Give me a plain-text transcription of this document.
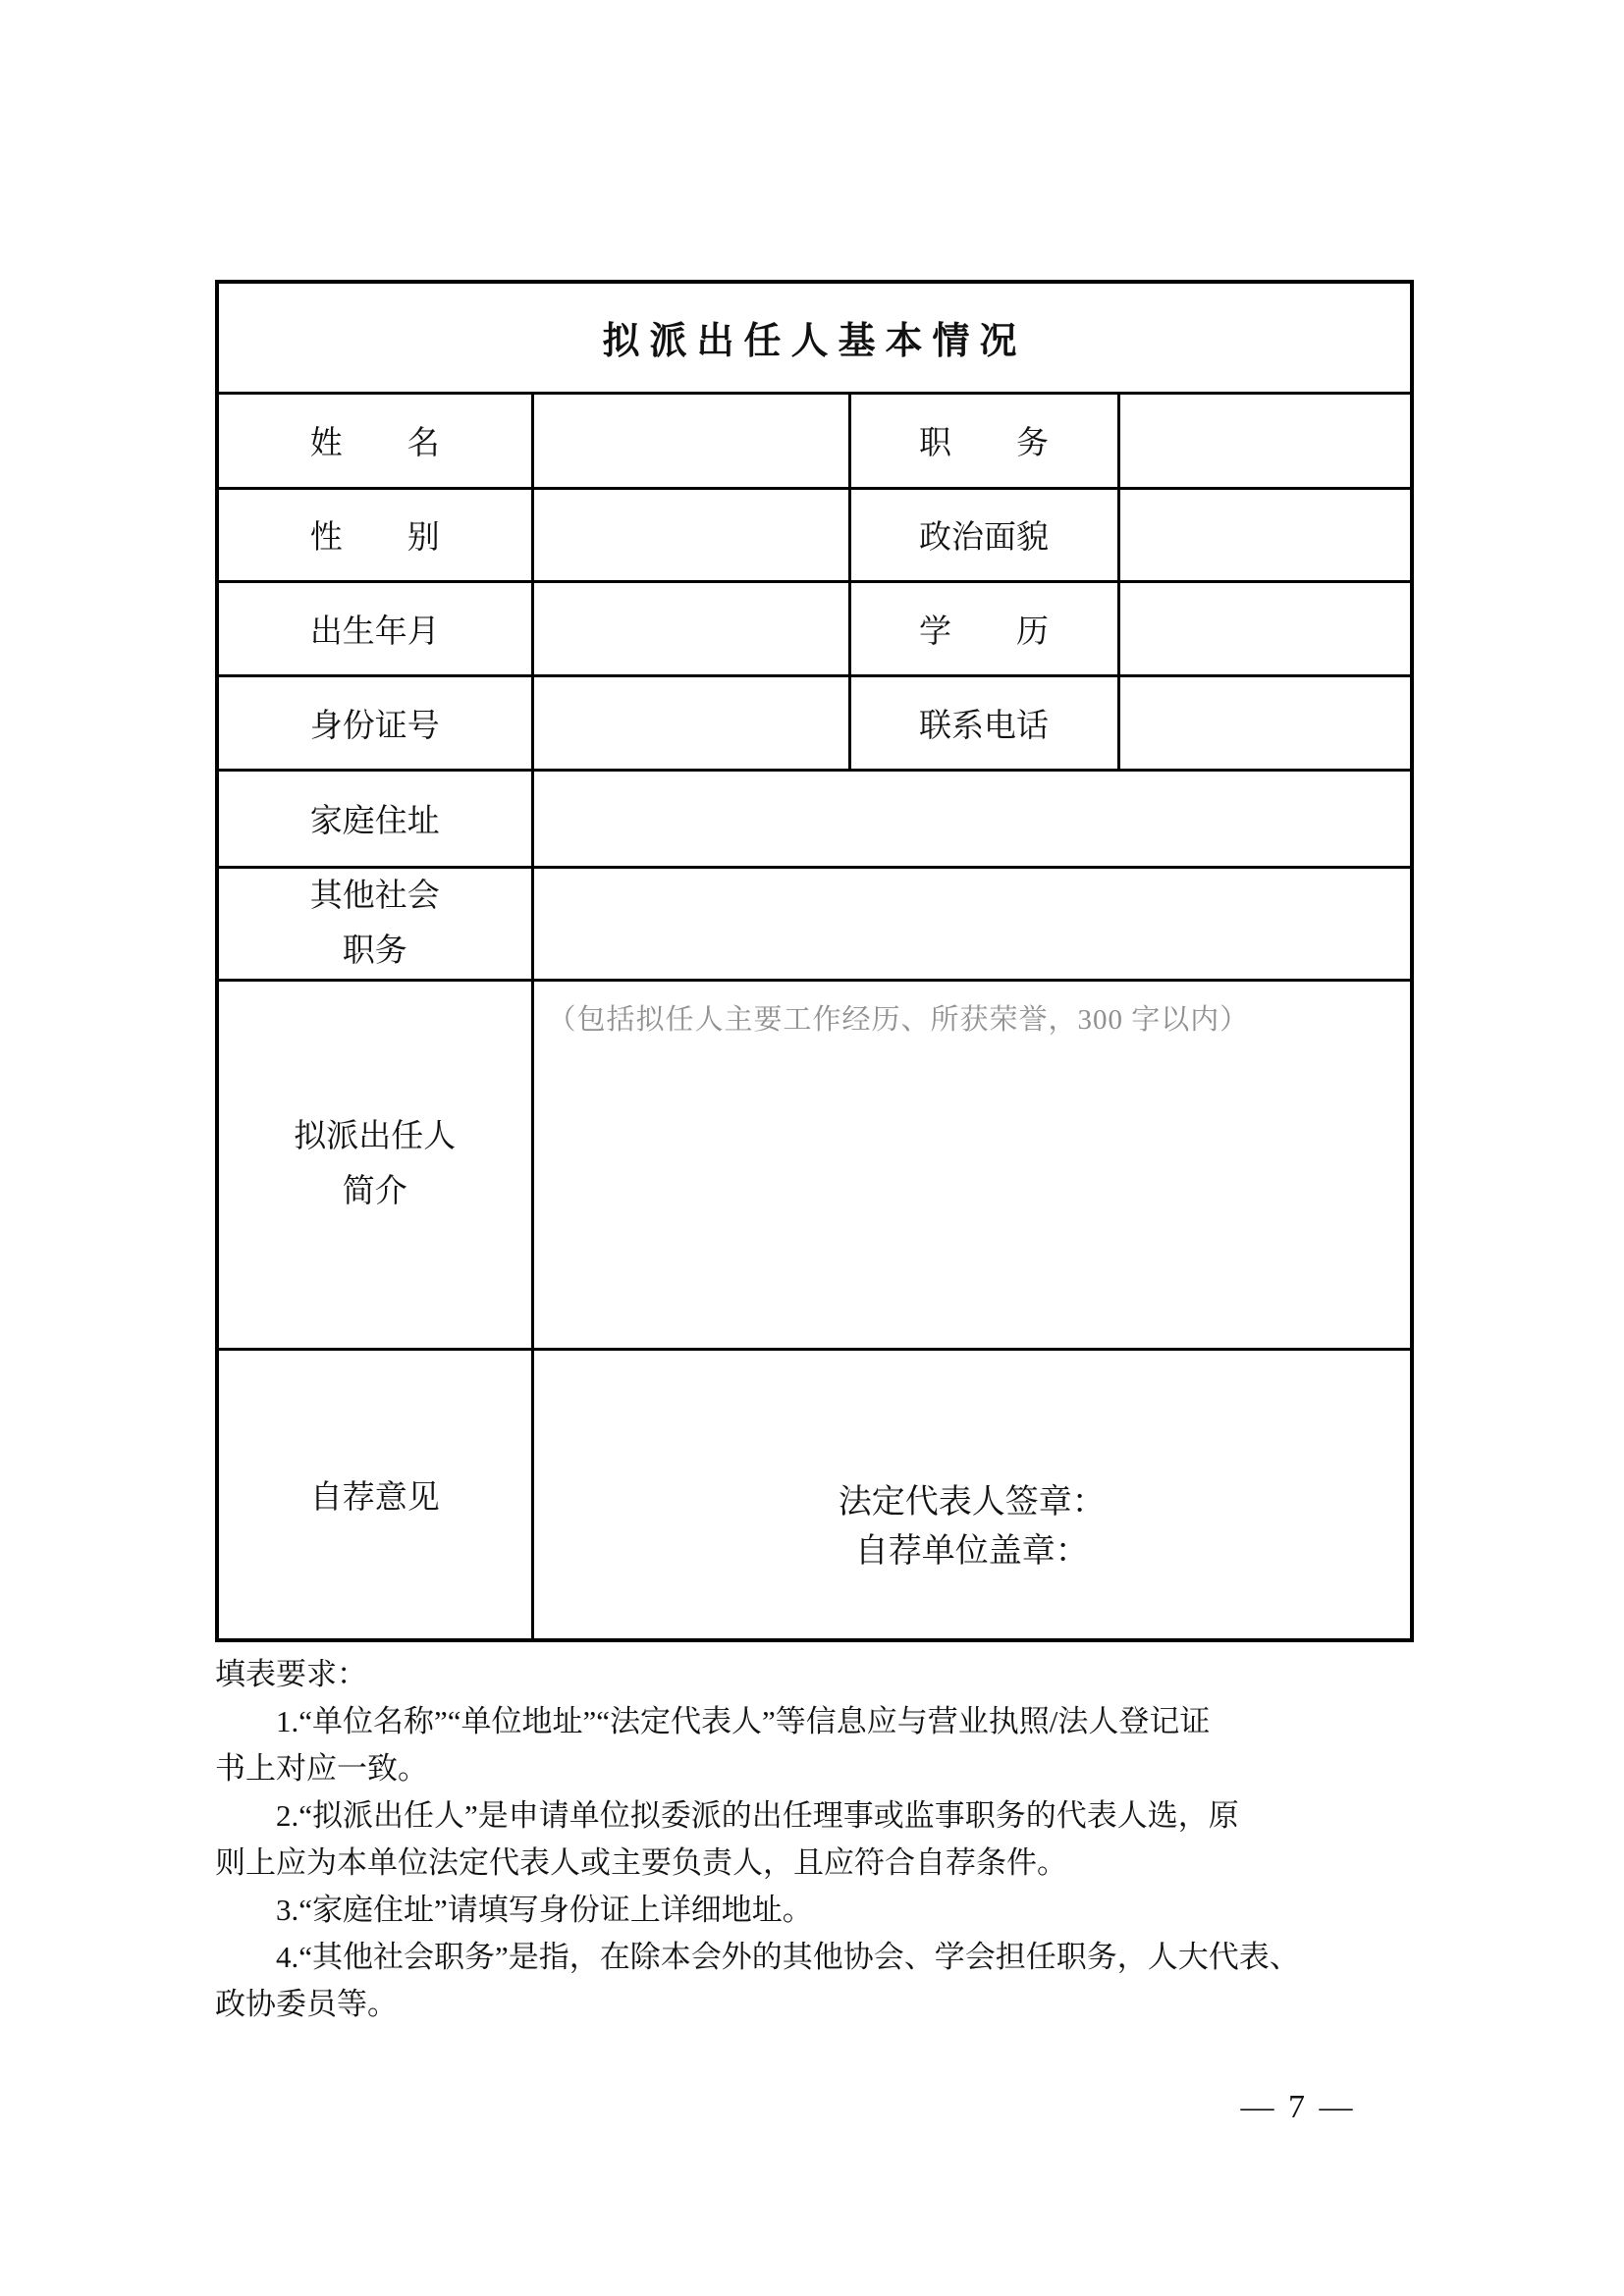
拟派出任人基本情况			
姓　　名		职　　务	
性　　别		政治面貌	
出生年月		学　　历	
身份证号		联系电话	
家庭住址			

其他社会
职务			

拟派出任人
简介	（包括拟任人主要工作经历、所获荣誉，300 字以内）		

自荐意见	法定代表人签章：
自荐单位盖章：		
填表要求：
1.“单位名称”“单位地址”“法定代表人”等信息应与营业执照/法人登记证
书上对应一致。
2.“拟派出任人”是申请单位拟委派的出任理事或监事职务的代表人选，原
则上应为本单位法定代表人或主要负责人，且应符合自荐条件。
3.“家庭住址”请填写身份证上详细地址。
4.“其他社会职务”是指，在除本会外的其他协会、学会担任职务，人大代表、
政协委员等。
— 7 —
